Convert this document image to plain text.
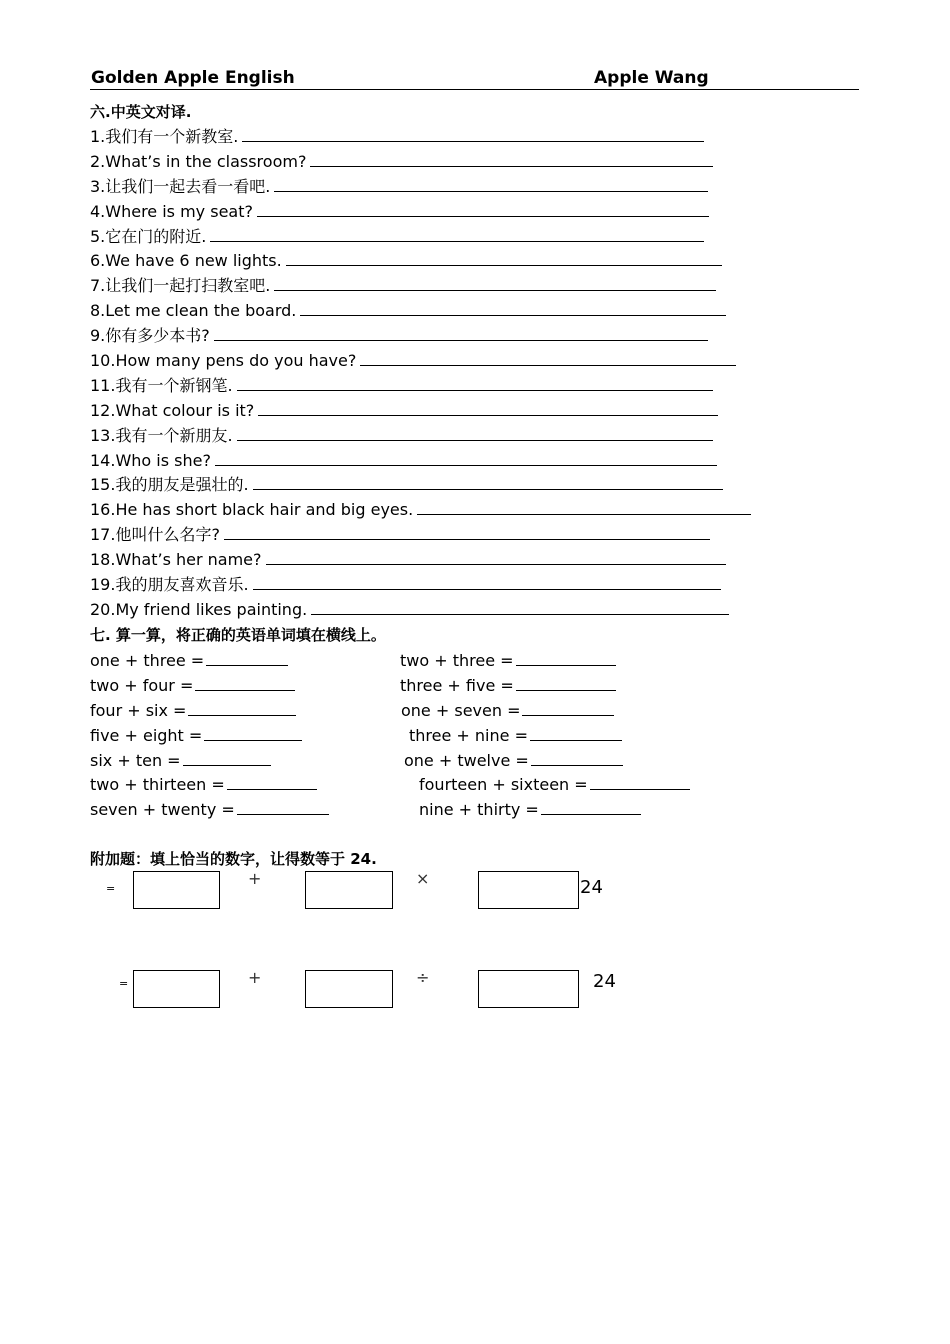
Golden Apple English	Apple Wang
六.中英文对译.
1.我们有一个新教室.
2.What’s in the classroom?
3.让我们一起去看一看吧.
4.Where is my seat?
5.它在门的附近.
6.We have 6 new lights.
7.让我们一起打扫教室吧.
8.Let me clean the board.
9.你有多少本书?
10.How many pens do you have?
11.我有一个新钢笔.
12.What colour is it?
13.我有一个新朋友.
14.Who is she?
15.我的朋友是强壮的.
16.He has short black hair and big eyes.
17.他叫什么名字?
18.What’s her name?
19.我的朋友喜欢音乐.
20.My friend likes painting.
七. 算一算，将正确的英语单词填在横线上。
one + three =	two + three =
two + four =	three + five =
four + six =	one + seven =
five + eight =	three + nine =
six + ten =	one + twelve =
two + thirteen =	fourteen + sixteen =
seven + twenty =	nine + thirty =
附加题：填上恰当的数字，让得数等于 24.
=
+	×	24
=	+	÷	24
